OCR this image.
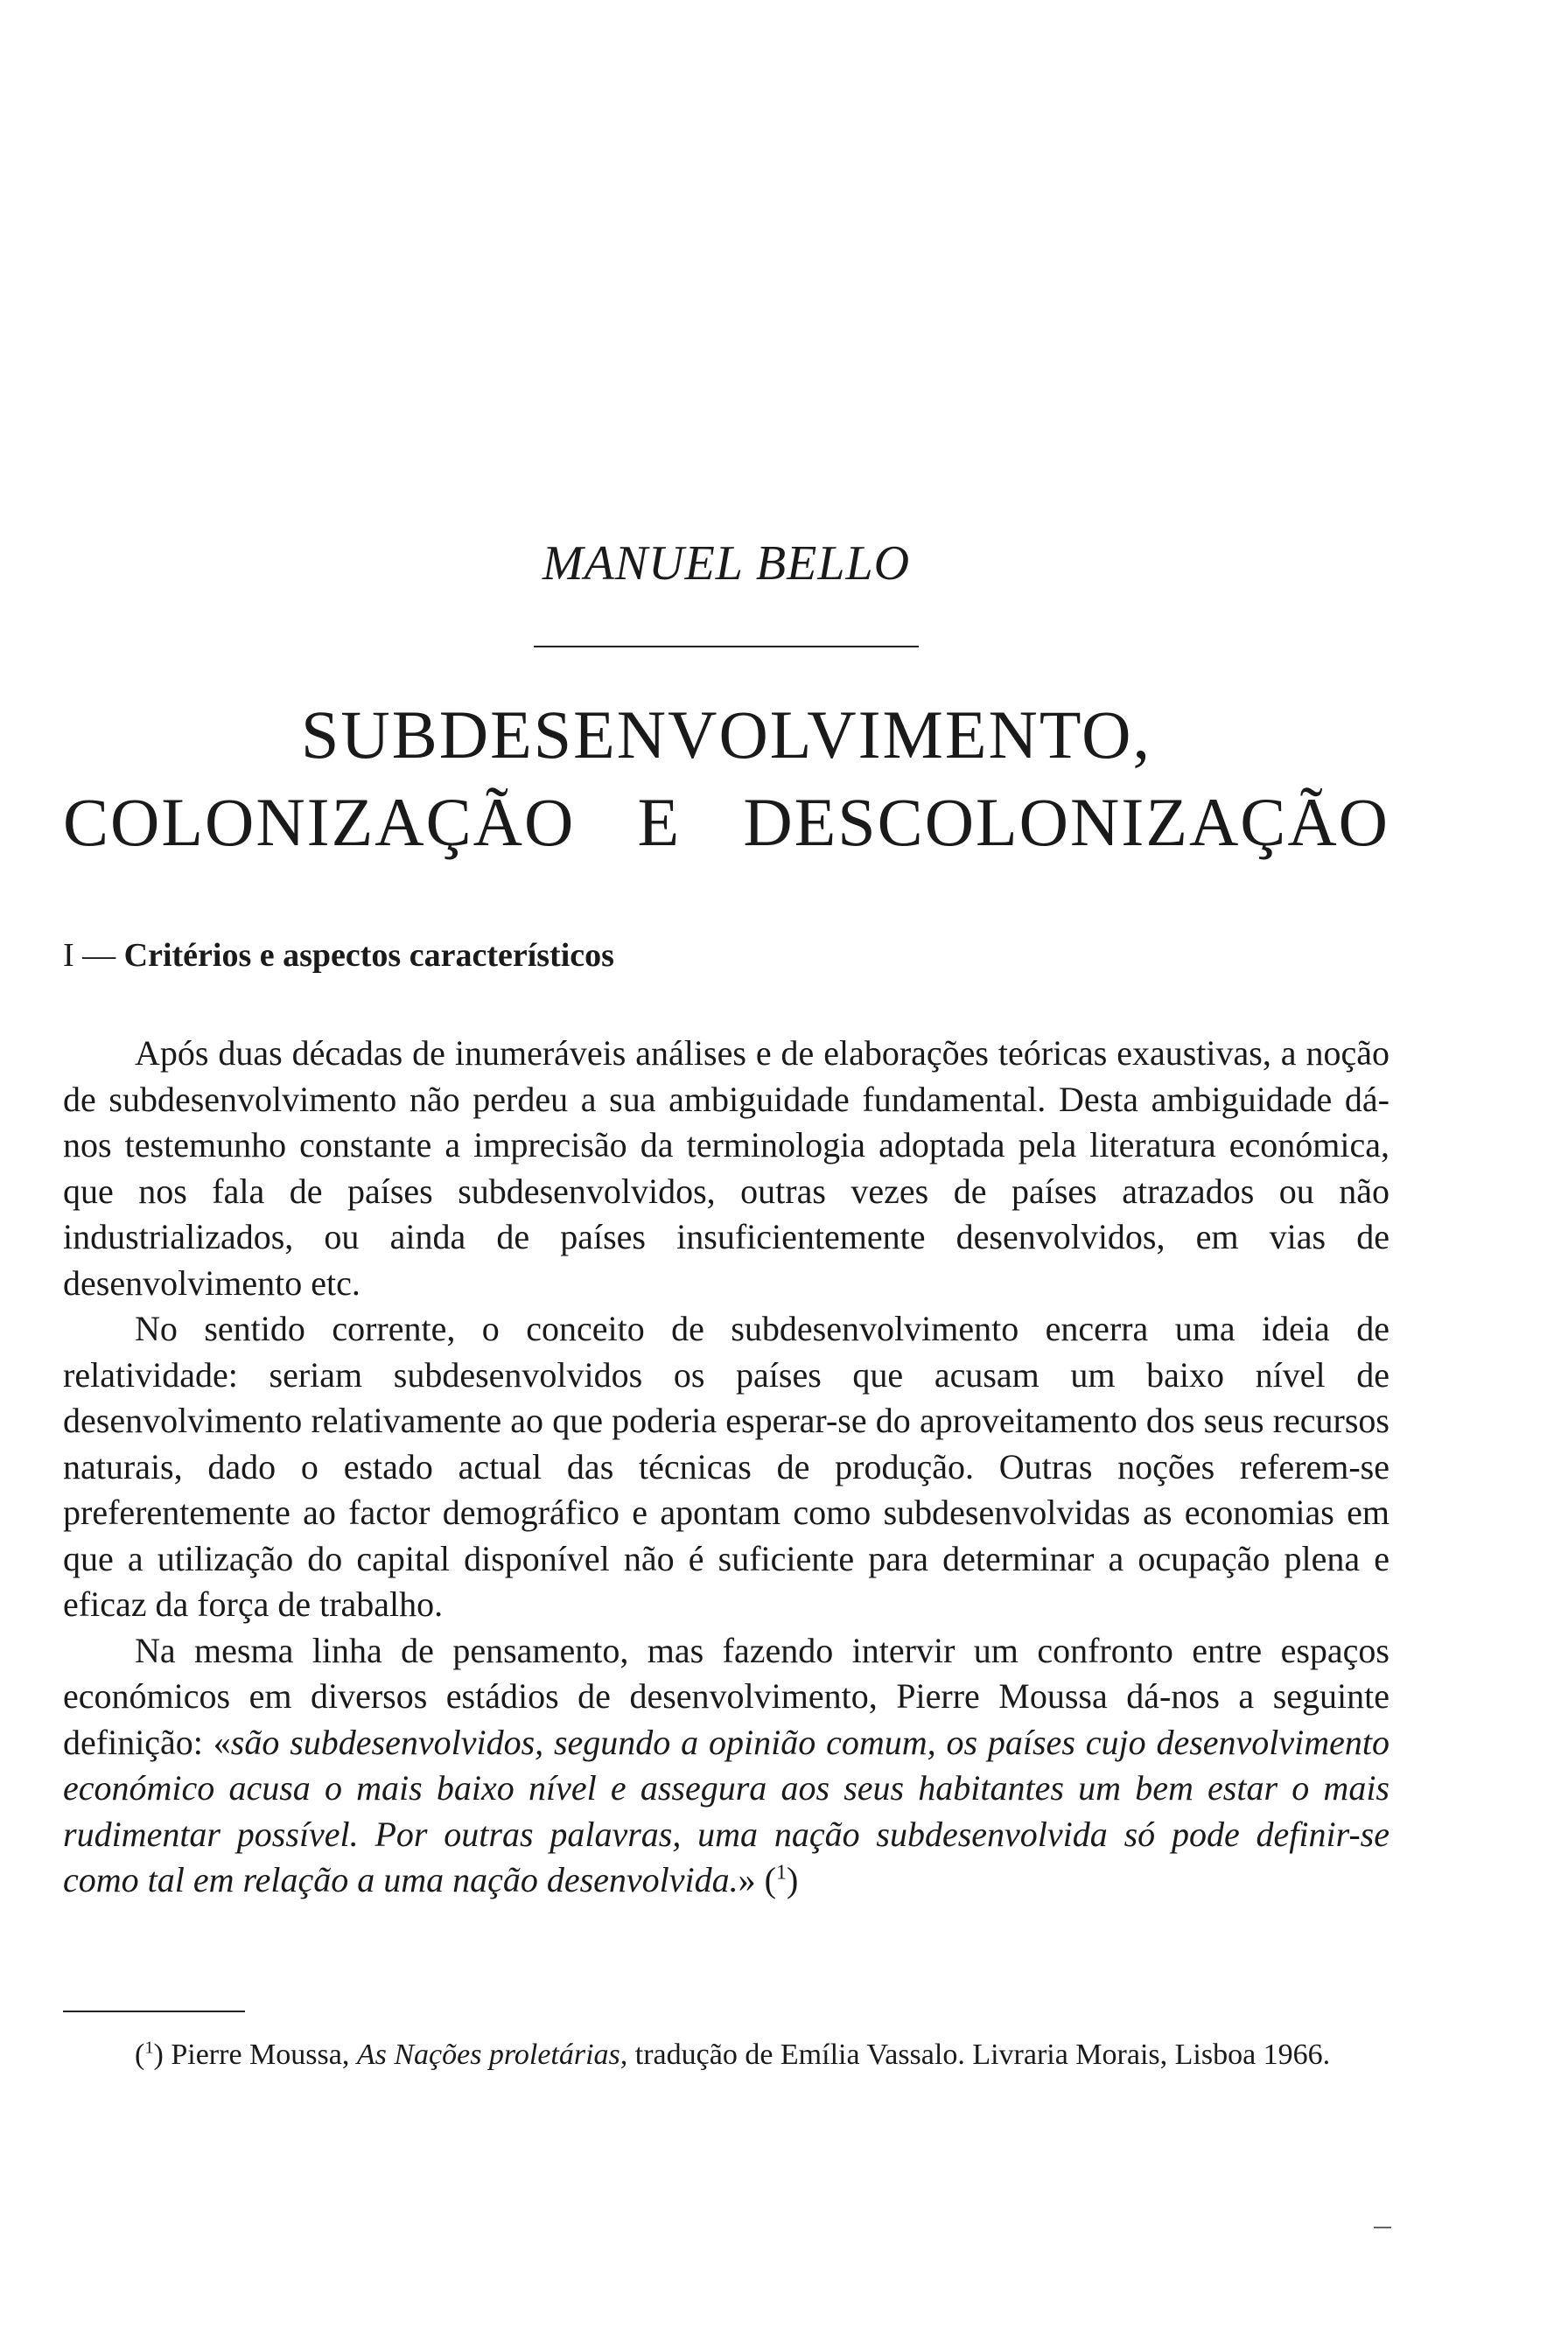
MANUEL BELLO
SUBDESENVOLVIMENTO,
COLONIZAÇÃO E DESCOLONIZAÇÃO
I — Critérios e aspectos característicos

Após duas décadas de inumeráveis análises e de elaborações teóricas exaustivas, a noção de subdesenvolvimento não perdeu a sua ambiguidade fundamental. Desta ambiguidade dá-nos testemunho constante a imprecisão da terminologia adoptada pela literatura económica, que nos fala de países subdesenvolvidos, outras vezes de países atrazados ou não industrializados, ou ainda de países insuficientemente desenvolvidos, em vias de desenvolvimento etc.

No sentido corrente, o conceito de subdesenvolvimento encerra uma ideia de relatividade: seriam subdesenvolvidos os países que acusam um baixo nível de desenvolvimento relativamente ao que poderia esperar-se do aproveitamento dos seus recursos naturais, dado o estado actual das técnicas de produção. Outras noções referem-se preferentemente ao factor demográfico e apontam como subdesenvolvidas as economias em que a utilização do capital disponível não é suficiente para determinar a ocupação plena e eficaz da força de trabalho.

Na mesma linha de pensamento, mas fazendo intervir um confronto entre espaços económicos em diversos estádios de desenvolvimento, Pierre Moussa dá-nos a seguinte definição: «são subdesenvolvidos, segundo a opinião comum, os países cujo desenvolvimento económico acusa o mais baixo nível e assegura aos seus habitantes um bem estar o mais rudimentar possível. Por outras palavras, uma nação subdesenvolvida só pode definir-se como tal em relação a uma nação desenvolvida.» ($^1$)

($^1$) Pierre Moussa, As Nações proletárias, tradução de Emília Vassalo. Livraria Morais, Lisboa 1966.
